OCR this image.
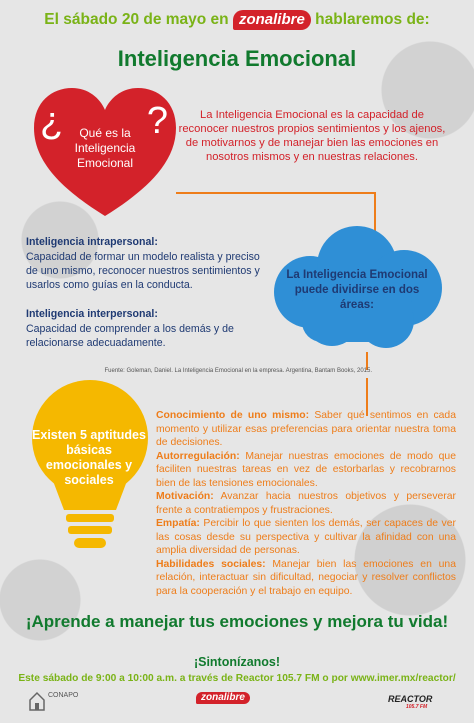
El sábado 20 de mayo en zonalibre hablaremos de:
Inteligencia Emocional
¿ Qué es la Inteligencia Emocional
?	La Inteligencia Emocional es la capacidad de reconocer nuestros propios sentimientos y los ajenos, de motivarnos y de manejar bien las emociones en nosotros mismos y en nuestras relaciones.
Inteligencia intrapersonal:
Capacidad de formar un modelo realista y preciso de uno mismo, reconocer nuestros sentimientos y usarlos como guías en la conducta.
Inteligencia interpersonal:
Capacidad de comprender a los demás y de relacionarse adecuadamente.
La Inteligencia Emocional puede dividirse en dos áreas:
Fuente: Goleman, Daniel. La Inteligencia Emocional en la empresa. Argentina, Bantam Books, 2015.
Existen 5 aptitudes básicas emocionales y sociales
Conocimiento de uno mismo: Saber qué sentimos en cada momento y utilizar esas preferencias para orientar nuestra toma de decisiones.
Autorregulación: Manejar nuestras emociones de modo que faciliten nuestras tareas en vez de estorbarlas y recobrarnos bien de las tensiones emocionales.
Motivación: Avanzar hacia nuestros objetivos y perseverar frente a contratiempos y frustraciones.
Empatía: Percibir lo que sienten los demás, ser capaces de ver las cosas desde su perspectiva y cultivar la afinidad con una amplia diversidad de personas.
Habilidades sociales: Manejar bien las emociones en una relación, interactuar sin dificultad, negociar y resolver conflictos para la cooperación y el trabajo en equipo.
¡Aprende a manejar tus emociones y mejora tu vida!
¡Sintonízanos!
Este sábado de 9:00 a 10:00 a.m. a través de Reactor 105.7 FM o por www.imer.mx/reactor/
CONAPO	zonalibre	REACTOR
105.7 FM
